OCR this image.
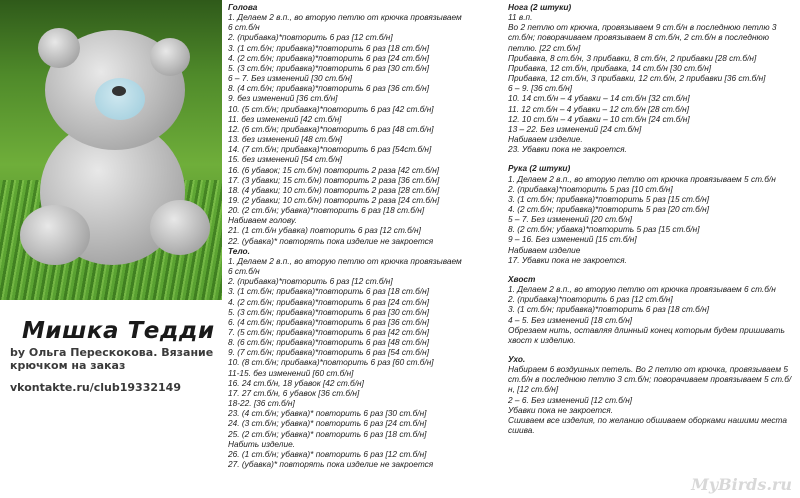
Мишка Тедди
by Ольга Перескокова. Вязание крючком на заказ
vkontakte.ru/club19332149
Голова
1. Делаем 2 в.п., во вторую петлю от крючка провязываем
6 ст.б/н
2. (прибавка)*повторить 6 раз [12 ст.б/н]
3. (1 ст.б/н; прибавка)*повторить 6 раз [18 ст.б/н]
4. (2 ст.б/н; прибавка)*повторить 6 раз [24 ст.б/н]
5. (3 ст.б/н; прибавка)*повторить 6 раз [30 ст.б/н]
6 – 7. Без изменений [30 ст.б/н]
8. (4 ст.б/н; прибавка)*повторить 6 раз [36 ст.б/н]
9. без изменений [36 ст.б/н]
10. (5 ст.б/н; прибавка)*повторить 6 раз [42 ст.б/н]
11. без изменений [42 ст.б/н]
12. (6 ст.б/н; прибавка)*повторить 6 раз [48 ст.б/н]
13. без изменений [48 ст.б/н]
14. (7 ст.б/н; прибавка)*повторить 6 раз [54ст.б/н]
15. без изменений [54 ст.б/н]
16. (6 убавок; 15 ст.б/н) повторить 2 раза [42 ст.б/н]
17. (3 убавки; 15 ст.б/н) повторить 2 раза [36 ст.б/н]
18. (4 убавки; 10 ст.б/н) повторить 2 раза [28 ст.б/н]
19. (2 убавки; 10 ст.б/н) повторить 2 раза [24 ст.б/н]
20. (2 ст.б/н; убавка)*повторить 6 раз [18 ст.б/н]
Набиваем голову.
21. (1 ст.б/н убавка) повторить 6 раз [12 ст.б/н]
22. (убавка)* повторять пока изделие не закроется
Тело.
1. Делаем 2 в.п., во вторую петлю от крючка провязываем
6 ст.б/н
2. (прибавка)*повторить 6 раз [12 ст.б/н]
3. (1 ст.б/н; прибавка)*повторить 6 раз [18 ст.б/н]
4. (2 ст.б/н; прибавка)*повторить 6 раз [24 ст.б/н]
5. (3 ст.б/н; прибавка)*повторить 6 раз [30 ст.б/н]
6. (4 ст.б/н; прибавка)*повторить 6 раз [36 ст.б/н]
7. (5 ст.б/н; прибавка)*повторить 6 раз [42 ст.б/н]
8. (6 ст.б/н; прибавка)*повторить 6 раз [48 ст.б/н]
9. (7 ст.б/н; прибавка)*повторить 6 раз [54 ст.б/н]
10. (8 ст.б/н; прибавка)*повторить 6 раз [60 ст.б/н]
11-15. без изменений [60 ст.б/н]
16. 24 ст.б/н, 18 убавок [42 ст.б/н]
17. 27 ст.б/н, 6 убавок [36 ст.б/н]
18-22. [36 ст.б/н]
23. (4 ст.б/н; убавка)* повторить 6 раз [30 ст.б/н]
24. (3 ст.б/н; убавка)* повторить 6 раз [24 ст.б/н]
25. (2 ст.б/н; убавка)* повторить 6 раз [18 ст.б/н]
Набить изделие.
26. (1 ст.б/н; убавка)* повторить 6 раз [12 ст.б/н]
27. (убавка)* повторять пока изделие не закроется
Нога (2 штуки)
11 в.п.
Во 2 петлю от крючка, провязываем 9 ст.б/н в последнюю петлю 3 ст.б/н; поворачиваем провязываем 8 ст.б/н, 2 ст.б/н в последнюю петлю. [22 ст.б/н]
Прибавка, 8 ст.б/н, 3 прибавки, 8 ст.б/н, 2 прибавки [28 ст.б/н]
Прибавка, 12 ст.б/н, прибавка, 14 ст.б/н [30 ст.б/н]
Прибавка, 12 ст.б/н, 3 прибавки, 12 ст.б/н, 2 прибавки [36 ст.б/н]
6 – 9. [36 ст.б/н]
10. 14 ст.б/н – 4 убавки – 14 ст.б/н [32 ст.б/н]
11. 12 ст.б/н – 4 убавки – 12 ст.б/н [28 ст.б/н]
12. 10 ст.б/н – 4 убавки – 10 ст.б/н [24 ст.б/н]
13 – 22. Без изменений [24 ст.б/н]
Набиваем изделие.
23. Убавки пока не закроется.
Рука (2 штуки)
1. Делаем 2 в.п., во вторую петлю от крючка провязываем 5 ст.б/н
2. (прибавка)*повторить 5 раз [10 ст.б/н]
3. (1 ст.б/н; прибавка)*повторить 5 раз [15 ст.б/н]
4. (2 ст.б/н; прибавка)*повторить 5 раз [20 ст.б/н]
5 – 7. Без изменений [20 ст.б/н]
8. (2 ст.б/н; убавка)*повторить 5 раз [15 ст.б/н]
9 – 16. Без изменений [15 ст.б/н]
Набиваем изделие
17. Убавки пока не закроется.
Хвост
1. Делаем 2 в.п., во вторую петлю от крючка провязываем 6 ст.б/н
2. (прибавка)*повторить 6 раз [12 ст.б/н]
3. (1 ст.б/н; прибавка)*повторить 6 раз [18 ст.б/н]
4 – 5. Без изменений [18 ст.б/н]
Обрезаем нить, оставляя длинный конец которым будем пришивать хвост к изделию.
Ухо.
Набираем 6 воздушных петель. Во 2 петлю от крючка, провязываем 5 ст.б/н в последнюю петлю 3 ст.б/н; поворачиваем провязываем 5 ст.б/н, [12 ст.б/н]
2 – 6. Без изменений [12 ст.б/н]
Убавки пока не закроется.
Сшиваем все изделия, по желанию обшиваем оборками нашими места сшива.
MyBirds.ru
